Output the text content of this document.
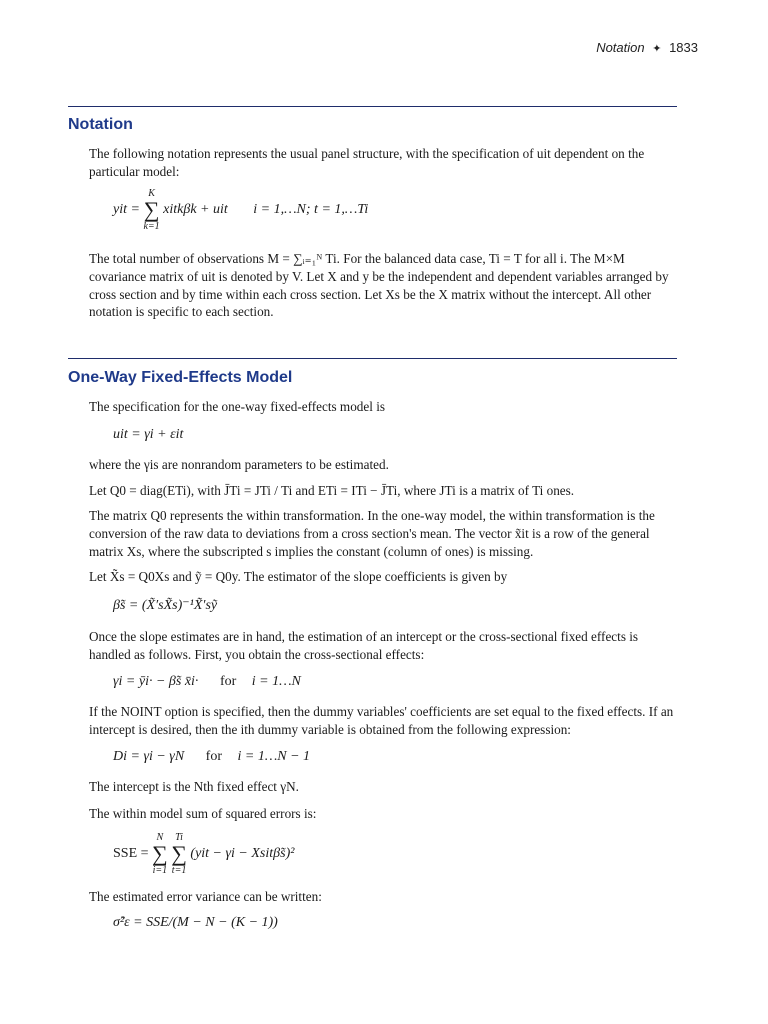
Notation ✦ 1833
Notation

The following notation represents the usual panel structure, with the specification of uit dependent on the particular model:

yit =
K
∑
k=1
xitkβk + uit i = 1,…N; t = 1,…Ti

The total number of observations M = ∑ᵢ₌₁ᴺ Ti. For the balanced data case, Ti = T for all i. The M×M covariance matrix of uit is denoted by V. Let X and y be the independent and dependent variables arranged by cross section and by time within each cross section. Let Xs be the X matrix without the intercept. All other notation is specific to each section.

One-Way Fixed-Effects Model

The specification for the one-way fixed-effects model is

uit = γi + εit

where the γis are nonrandom parameters to be estimated.

Let Q0 = diag(ETi), with J̄Ti = JTi / Ti and ETi = ITi − J̄Ti, where JTi is a matrix of Ti ones.

The matrix Q0 represents the within transformation. In the one-way model, the within transformation is the conversion of the raw data to deviations from a cross section's mean. The vector x̃it is a row of the general matrix Xs, where the subscripted s implies the constant (column of ones) is missing.

Let X̃s = Q0Xs and ỹ = Q0y. The estimator of the slope coefficients is given by

β̃s = (X̃′sX̃s)⁻¹X̃′sỹ

Once the slope estimates are in hand, the estimation of an intercept or the cross-sectional fixed effects is handled as follows. First, you obtain the cross-sectional effects:

γi = ȳi· − β̃s x̄i· for i = 1…N

If the NOINT option is specified, then the dummy variables' coefficients are set equal to the fixed effects. If an intercept is desired, then the ith dummy variable is obtained from the following expression:

Di = γi − γN for i = 1…N − 1

The intercept is the Nth fixed effect γN.

The within model sum of squared errors is:

SSE =
N
∑
i=1

Ti
∑
t=1
(yit − γi − Xsitβ̃s)²

The estimated error variance can be written:

σ̂²ε = SSE/(M − N − (K − 1))
